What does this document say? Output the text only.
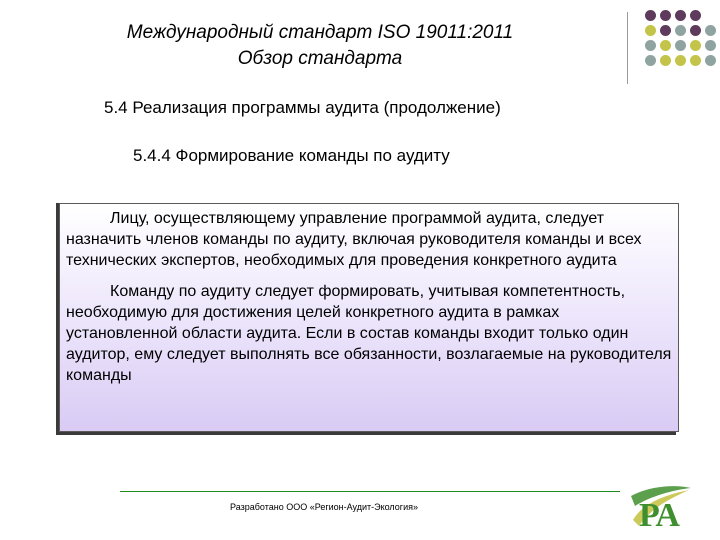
Международный стандарт ISO 19011:2011
Обзор стандарта
5.4 Реализация программы аудита (продолжение)
5.4.4 Формирование команды по аудиту

Лицу, осуществляющему управление программой аудита, следует назначить членов команды по аудиту, включая руководителя команды и всех технических экспертов, необходимых для проведения конкретного аудита

Команду по аудиту следует формировать, учитывая компетентность, необходимую для достижения целей конкретного аудита в рамках установленной области аудита. Если в состав команды входит только один аудитор, ему следует выполнять все обязанности, возлагаемые на руководителя команды

Разработано ООО «Регион-Аудит-Экология»	РА
